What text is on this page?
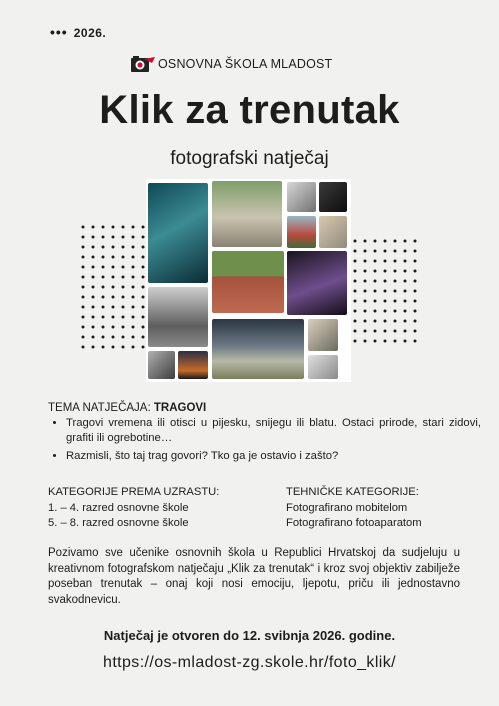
••• 2026.
OSNOVNA ŠKOLA MLADOST
Klik za trenutak
fotografski natječaj
TEMA NATJEČAJA: TRAGOVI
• Tragovi vremena ili otisci u pijesku, snijegu ili blatu. Ostaci prirode, stari zidovi, grafiti ili ogrebotine…
• Razmisli, što taj trag govori? Tko ga je ostavio i zašto?
KATEGORIJE PREMA UZRASTU:
1. – 4. razred osnovne škole
5. – 8. razred osnovne škole
TEHNIČKE KATEGORIJE:
Fotografirano mobitelom
Fotografirano fotoaparatom
Pozivamo sve učenike osnovnih škola u Republici Hrvatskoj da sudjeluju u kreativnom fotografskom natječaju „Klik za trenutak“ i kroz svoj objektiv zabilježe poseban trenutak – onaj koji nosi emociju, ljepotu, priču ili jednostavno svakodnevicu.
Natječaj je otvoren do 12. svibnja 2026. godine.
https://os-mladost-zg.skole.hr/foto_klik/
